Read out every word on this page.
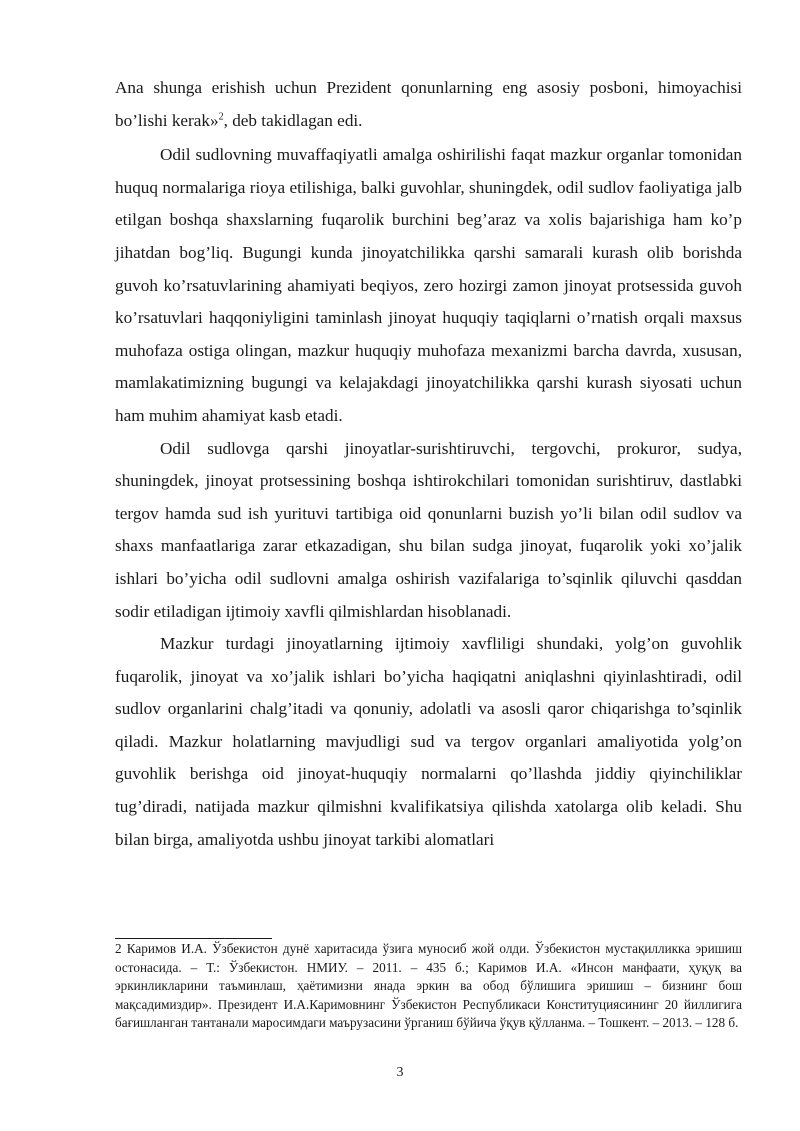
Ana shunga erishish uchun Prezident qonunlarning eng asosiy posboni, himoyachisi bo’lishi kerak»$^2$, deb takidlagan edi.

Odil sudlovning muvaffaqiyatli amalga oshirilishi faqat mazkur organlar tomonidan huquq normalariga rioya etilishiga, balki guvohlar, shuningdek, odil sudlov faoliyatiga jalb etilgan boshqa shaxslarning fuqarolik burchini beg’araz va xolis bajarishiga ham ko’p jihatdan bog’liq. Bugungi kunda jinoyatchilikka qarshi samarali kurash olib borishda guvoh ko’rsatuvlarining ahamiyati beqiyos, zero hozirgi zamon jinoyat protsessida guvoh ko’rsatuvlari haqqoniyligini taminlash jinoyat huquqiy taqiqlarni o’rnatish orqali maxsus muhofaza ostiga olingan, mazkur huquqiy muhofaza mexanizmi barcha davrda, xususan, mamlakatimizning bugungi va kelajakdagi jinoyatchilikka qarshi kurash siyosati uchun ham muhim ahamiyat kasb etadi.

Odil sudlovga qarshi jinoyatlar-surishtiruvchi, tergovchi, prokuror, sudya, shuningdek, jinoyat protsessining boshqa ishtirokchilari tomonidan surishtiruv, dastlabki tergov hamda sud ish yurituvi tartibiga oid qonunlarni buzish yo’li bilan odil sudlov va shaxs manfaatlariga zarar etkazadigan, shu bilan sudga jinoyat, fuqarolik yoki xo’jalik ishlari bo’yicha odil sudlovni amalga oshirish vazifalariga to’sqinlik qiluvchi qasddan sodir etiladigan ijtimoiy xavfli qilmishlardan hisoblanadi.

Mazkur turdagi jinoyatlarning ijtimoiy xavfliligi shundaki, yolg’on guvohlik fuqarolik, jinoyat va xo’jalik ishlari bo’yicha haqiqatni aniqlashni qiyinlashtiradi, odil sudlov organlarini chalg’itadi va qonuniy, adolatli va asosli qaror chiqarishga to’sqinlik qiladi. Mazkur holatlarning mavjudligi sud va tergov organlari amaliyotida yolg’on guvohlik berishga oid jinoyat-huquqiy normalarni qo’llashda jiddiy qiyinchiliklar tug’diradi, natijada mazkur qilmishni kvalifikatsiya qilishda xatolarga olib keladi. Shu bilan birga, amaliyotda ushbu jinoyat tarkibi alomatlari

2 Каримов И.А. Ўзбекистон дунё харитасида ўзига муносиб жой олди. Ўзбекистон мустақилликка эришиш остонасида. – Т.: Ўзбекистон. НМИУ. – 2011. – 435 б.; Каримов И.А. «Инсон манфаати, ҳуқуқ ва эркинликларини таъминлаш, ҳаётимизни янада эркин ва обод бўлишига эришиш – бизнинг бош мақсадимиздир». Президент И.А.Каримовнинг Ўзбекистон Республикаси Конституциясининг 20 йиллигига бағишланган тантанали маросимдаги маърузасини ўрганиш бўйича ўқув қўлланма. – Тошкент. – 2013. – 128 б.

3
